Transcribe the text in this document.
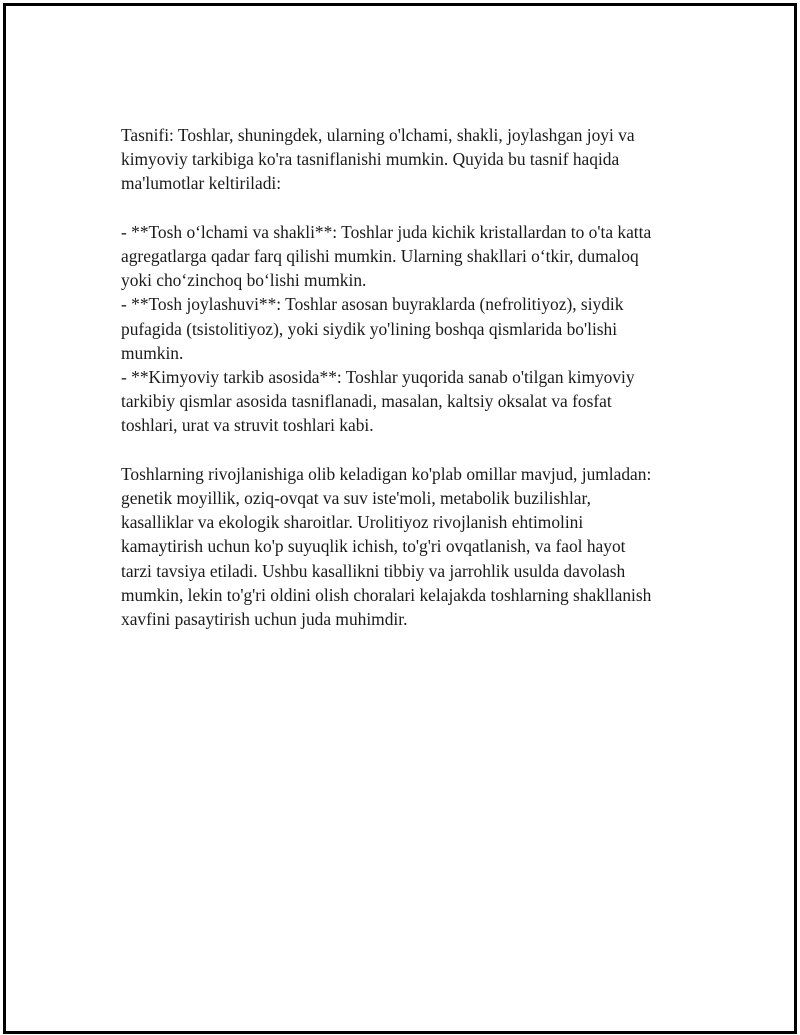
Tasnifi: Toshlar, shuningdek, ularning o'lchami, shakli, joylashgan joyi va
kimyoviy tarkibiga ko'ra tasniflanishi mumkin. Quyida bu tasnif haqida
ma'lumotlar keltiriladi:
- **Tosh o‘lchami va shakli**: Toshlar juda kichik kristallardan to o'ta katta
agregatlarga qadar farq qilishi mumkin. Ularning shakllari o‘tkir, dumaloq
yoki cho‘zinchoq bo‘lishi mumkin.
- **Tosh joylashuvi**: Toshlar asosan buyraklarda (nefrolitiyoz), siydik
pufagida (tsistolitiyoz), yoki siydik yo'lining boshqa qismlarida bo'lishi
mumkin.
- **Kimyoviy tarkib asosida**: Toshlar yuqorida sanab o'tilgan kimyoviy
tarkibiy qismlar asosida tasniflanadi, masalan, kaltsiy oksalat va fosfat
toshlari, urat va struvit toshlari kabi.
Toshlarning rivojlanishiga olib keladigan ko'plab omillar mavjud, jumladan:
genetik moyillik, oziq-ovqat va suv iste'moli, metabolik buzilishlar,
kasalliklar va ekologik sharoitlar. Urolitiyoz rivojlanish ehtimolini
kamaytirish uchun ko'p suyuqlik ichish, to'g'ri ovqatlanish, va faol hayot
tarzi tavsiya etiladi. Ushbu kasallikni tibbiy va jarrohlik usulda davolash
mumkin, lekin to'g'ri oldini olish choralari kelajakda toshlarning shakllanish
xavfini pasaytirish uchun juda muhimdir.
